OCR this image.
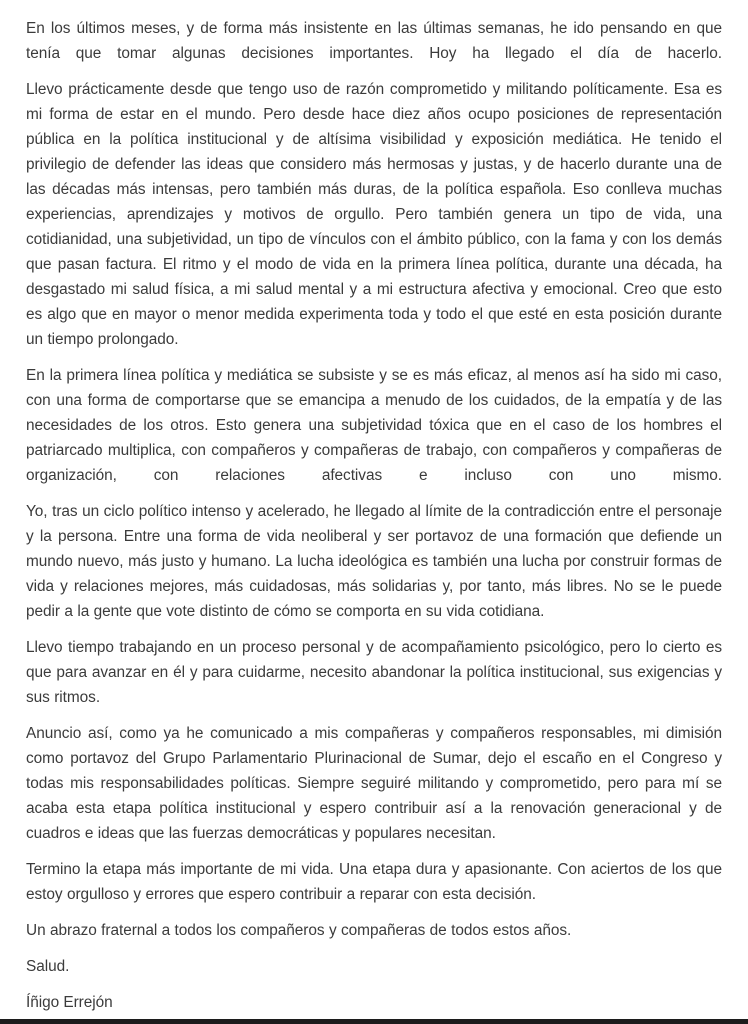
En los últimos meses, y de forma más insistente en las últimas semanas, he ido pensando en que tenía que tomar algunas decisiones importantes. Hoy ha llegado el día de hacerlo.

Llevo prácticamente desde que tengo uso de razón comprometido y militando políticamente. Esa es mi forma de estar en el mundo. Pero desde hace diez años ocupo posiciones de representación pública en la política institucional y de altísima visibilidad y exposición mediática. He tenido el privilegio de defender las ideas que considero más hermosas y justas, y de hacerlo durante una de las décadas más intensas, pero también más duras, de la política española. Eso conlleva muchas experiencias, aprendizajes y motivos de orgullo. Pero también genera un tipo de vida, una cotidianidad, una subjetividad, un tipo de vínculos con el ámbito público, con la fama y con los demás que pasan factura. El ritmo y el modo de vida en la primera línea política, durante una década, ha desgastado mi salud física, a mi salud mental y a mi estructura afectiva y emocional. Creo que esto es algo que en mayor o menor medida experimenta toda y todo el que esté en esta posición durante un tiempo prolongado.

En la primera línea política y mediática se subsiste y se es más eficaz, al menos así ha sido mi caso, con una forma de comportarse que se emancipa a menudo de los cuidados, de la empatía y de las necesidades de los otros. Esto genera una subjetividad tóxica que en el caso de los hombres el patriarcado multiplica, con compañeros y compañeras de trabajo, con compañeros y compañeras de organización, con relaciones afectivas e incluso con uno mismo.

Yo, tras un ciclo político intenso y acelerado, he llegado al límite de la contradicción entre el personaje y la persona. Entre una forma de vida neoliberal y ser portavoz de una formación que defiende un mundo nuevo, más justo y humano. La lucha ideológica es también una lucha por construir formas de vida y relaciones mejores, más cuidadosas, más solidarias y, por tanto, más libres. No se le puede pedir a la gente que vote distinto de cómo se comporta en su vida cotidiana.

Llevo tiempo trabajando en un proceso personal y de acompañamiento psicológico, pero lo cierto es que para avanzar en él y para cuidarme, necesito abandonar la política institucional, sus exigencias y sus ritmos.

Anuncio así, como ya he comunicado a mis compañeras y compañeros responsables, mi dimisión como portavoz del Grupo Parlamentario Plurinacional de Sumar, dejo el escaño en el Congreso y todas mis responsabilidades políticas. Siempre seguiré militando y comprometido, pero para mí se acaba esta etapa política institucional y espero contribuir así a la renovación generacional y de cuadros e ideas que las fuerzas democráticas y populares necesitan.

Termino la etapa más importante de mi vida. Una etapa dura y apasionante. Con aciertos de los que estoy orgulloso y errores que espero contribuir a reparar con esta decisión.

Un abrazo fraternal a todos los compañeros y compañeras de todos estos años.

Salud.

Íñigo Errejón
